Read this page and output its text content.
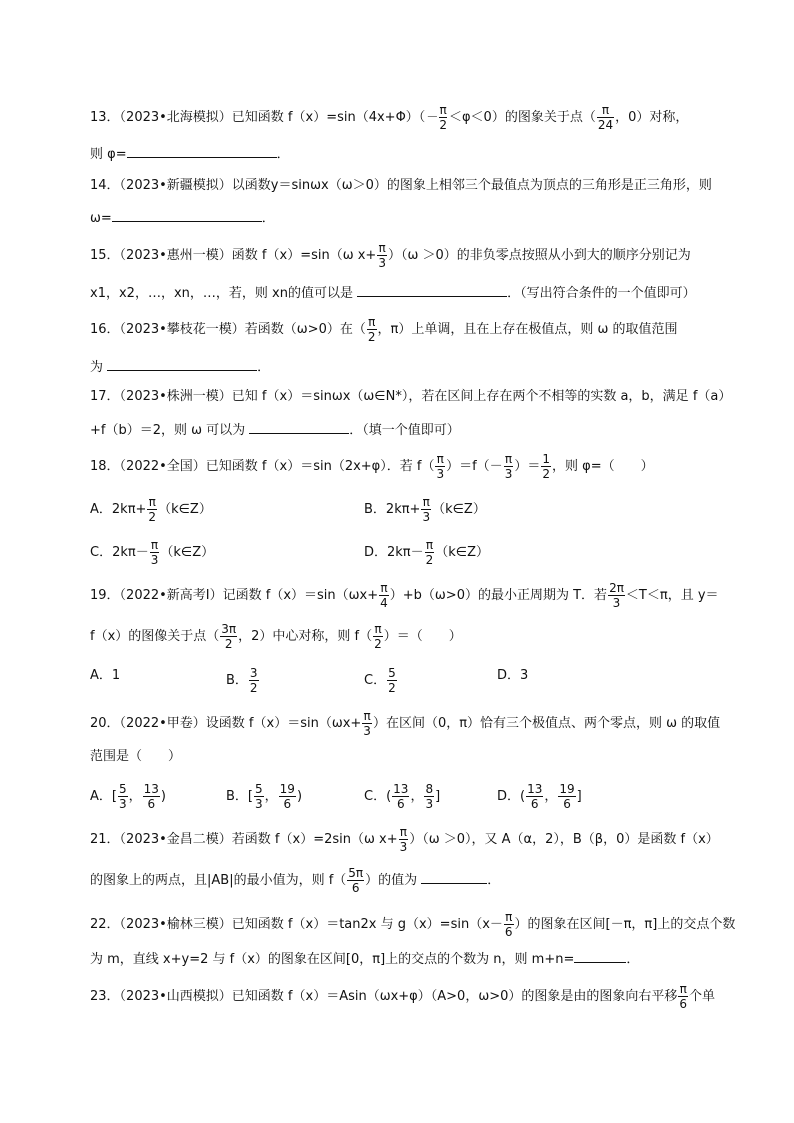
13．（2023•北海模拟）已知函数 $f(x)=\sin(4x+\Phi)(- \frac{\pi}{2} <\varphi<0)$的图象关于点（ $\frac{\pi}{24}$ ，0）对称，
则 φ=	．
14．（2023•新疆模拟）以函数y＝sinωx（ω＞0）的图象上相邻三个最值点为顶点的三角形是正三角形，则
ω=	．
15．（2023•惠州一模）函数 f（x）=sin（ω $x+ \frac{\pi}{3} )(\omega >0)$的非负零点按照从小到大的顺序分别记为
x1，x2，…，xn，…，若，则 xn的值可以是	．（写出符合条件的一个值即可）
16．（2023•攀枝花一模）若函数（ω>0）在（ $\frac{\pi}{2}$ ，π）上单调，且在上存在极值点，则 ω 的取值范围
为	．
17．（2023•株洲一模）已知 f（x）＝sinωx（ω∈N*），若在区间上存在两个不相等的实数 a，b，满足 f（a）
+f（b）＝2，则 ω 可以为	．（填一个值即可）
18．（2022•全国）已知函数 f（x）＝sin（2x+φ）．若 $f( \frac{\pi}{3} )=f(- \frac{\pi}{3}$ ）＝ $\frac{1}{2}$ ，则 φ=（　　）
A．$2k\pi+ \frac{\pi}{2}$ （k∈Z）	B．$2k\pi+ \frac{\pi}{3}$ （k∈Z）
C．$2k\pi- \frac{\pi}{3}$ （k∈Z）	D．$2k\pi- \frac{\pi}{2}$ （k∈Z）
19．（2022•新高考Ⅰ）记函数 $f(x)=\sin(\omega x+ \frac{\pi}{4} )+b(\omega>0)$的最小正周期为 T．若 $\frac{2\pi}{3} <T<\pi$，且 y＝
f（x）的图像关于点（ $\frac{3\pi}{2}$ ，2）中心对称，则 $f( \frac{\pi}{2}$ ）＝（　　）
A．1	B． $\frac{3}{2}$	C． $\frac{5}{2}$	D．3
20．（2022•甲卷）设函数 $f(x)=\sin(\omega x+ \frac{\pi}{3}$ ）在区间（0，π）恰有三个极值点、两个零点，则 ω 的取值
范围是（　　）
A．[ $\frac{5}{3}$ ， $\frac{13}{6}$ )	B．[ $\frac{5}{3}$ ， $\frac{19}{6}$ )	C．( $\frac{13}{6}$ ， $\frac{8}{3}$ ]	D．( $\frac{13}{6}$ ， $\frac{19}{6}$ ]
21．（2023•金昌二模）若函数 f（x）=2sin（ω $x+ \frac{\pi}{3} )(\omega >0)$，又 A（α，2），B（β，0）是函数 f（x）
的图象上的两点，且|AB|的最小值为，则 $f( \frac{5\pi}{6}$ ）的值为	．
22．（2023•榆林三模）已知函数 f（x）＝tan2x 与 $g(x)=\sin(x- \frac{\pi}{6}$ ）的图象在区间[－π，π]上的交点个数
为 m，直线 x+y=2 与 f（x）的图象在区间[0，π]上的交点的个数为 n，则 m+n=	．
23．（2023•山西模拟）已知函数 f（x）＝Asin（ωx+φ）（A>0，ω>0）的图象是由的图象向右平移 $\frac{\pi}{6}$ 个单
